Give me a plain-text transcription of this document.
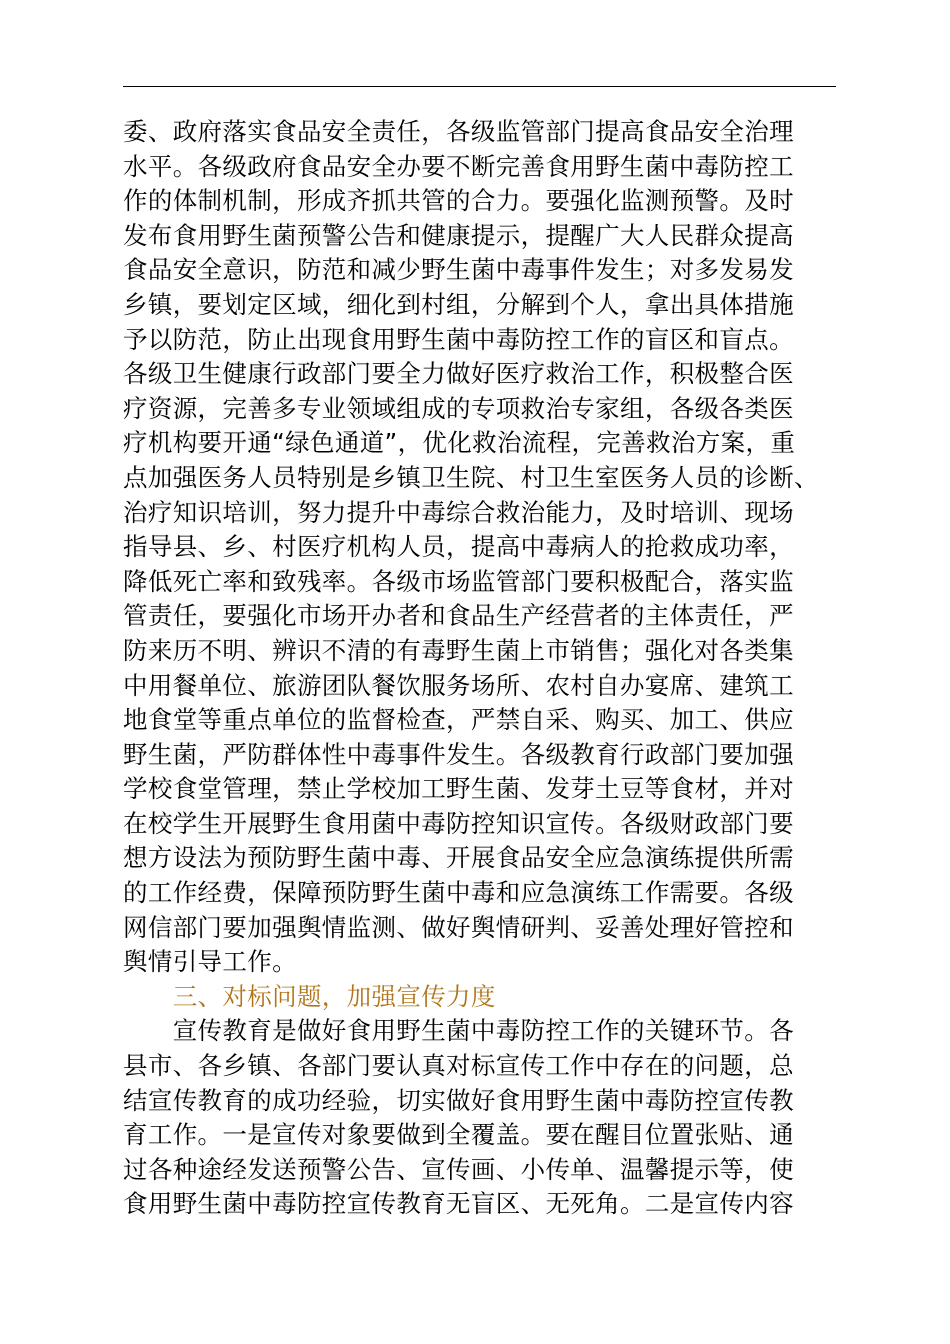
委、政府落实食品安全责任，各级监管部门提高食品安全治理
水平。各级政府食品安全办要不断完善食用野生菌中毒防控工
作的体制机制，形成齐抓共管的合力。要强化监测预警。及时
发布食用野生菌预警公告和健康提示，提醒广大人民群众提高
食品安全意识，防范和减少野生菌中毒事件发生；对多发易发
乡镇，要划定区域，细化到村组，分解到个人，拿出具体措施
予以防范，防止出现食用野生菌中毒防控工作的盲区和盲点。
各级卫生健康行政部门要全力做好医疗救治工作，积极整合医
疗资源，完善多专业领域组成的专项救治专家组，各级各类医
疗机构要开通“绿色通道”，优化救治流程，完善救治方案，重
点加强医务人员特别是乡镇卫生院、村卫生室医务人员的诊断、
治疗知识培训，努力提升中毒综合救治能力，及时培训、现场
指导县、乡、村医疗机构人员，提高中毒病人的抢救成功率，
降低死亡率和致残率。各级市场监管部门要积极配合，落实监
管责任，要强化市场开办者和食品生产经营者的主体责任，严
防来历不明、辨识不清的有毒野生菌上市销售；强化对各类集
中用餐单位、旅游团队餐饮服务场所、农村自办宴席、建筑工
地食堂等重点单位的监督检查，严禁自采、购买、加工、供应
野生菌，严防群体性中毒事件发生。各级教育行政部门要加强
学校食堂管理，禁止学校加工野生菌、发芽土豆等食材，并对
在校学生开展野生食用菌中毒防控知识宣传。各级财政部门要
想方设法为预防野生菌中毒、开展食品安全应急演练提供所需
的工作经费，保障预防野生菌中毒和应急演练工作需要。各级
网信部门要加强舆情监测、做好舆情研判、妥善处理好管控和
舆情引导工作。
　　三、对标问题，加强宣传力度
　　宣传教育是做好食用野生菌中毒防控工作的关键环节。各
县市、各乡镇、各部门要认真对标宣传工作中存在的问题，总
结宣传教育的成功经验，切实做好食用野生菌中毒防控宣传教
育工作。一是宣传对象要做到全覆盖。要在醒目位置张贴、通
过各种途经发送预警公告、宣传画、小传单、温馨提示等，使
食用野生菌中毒防控宣传教育无盲区、无死角。二是宣传内容
